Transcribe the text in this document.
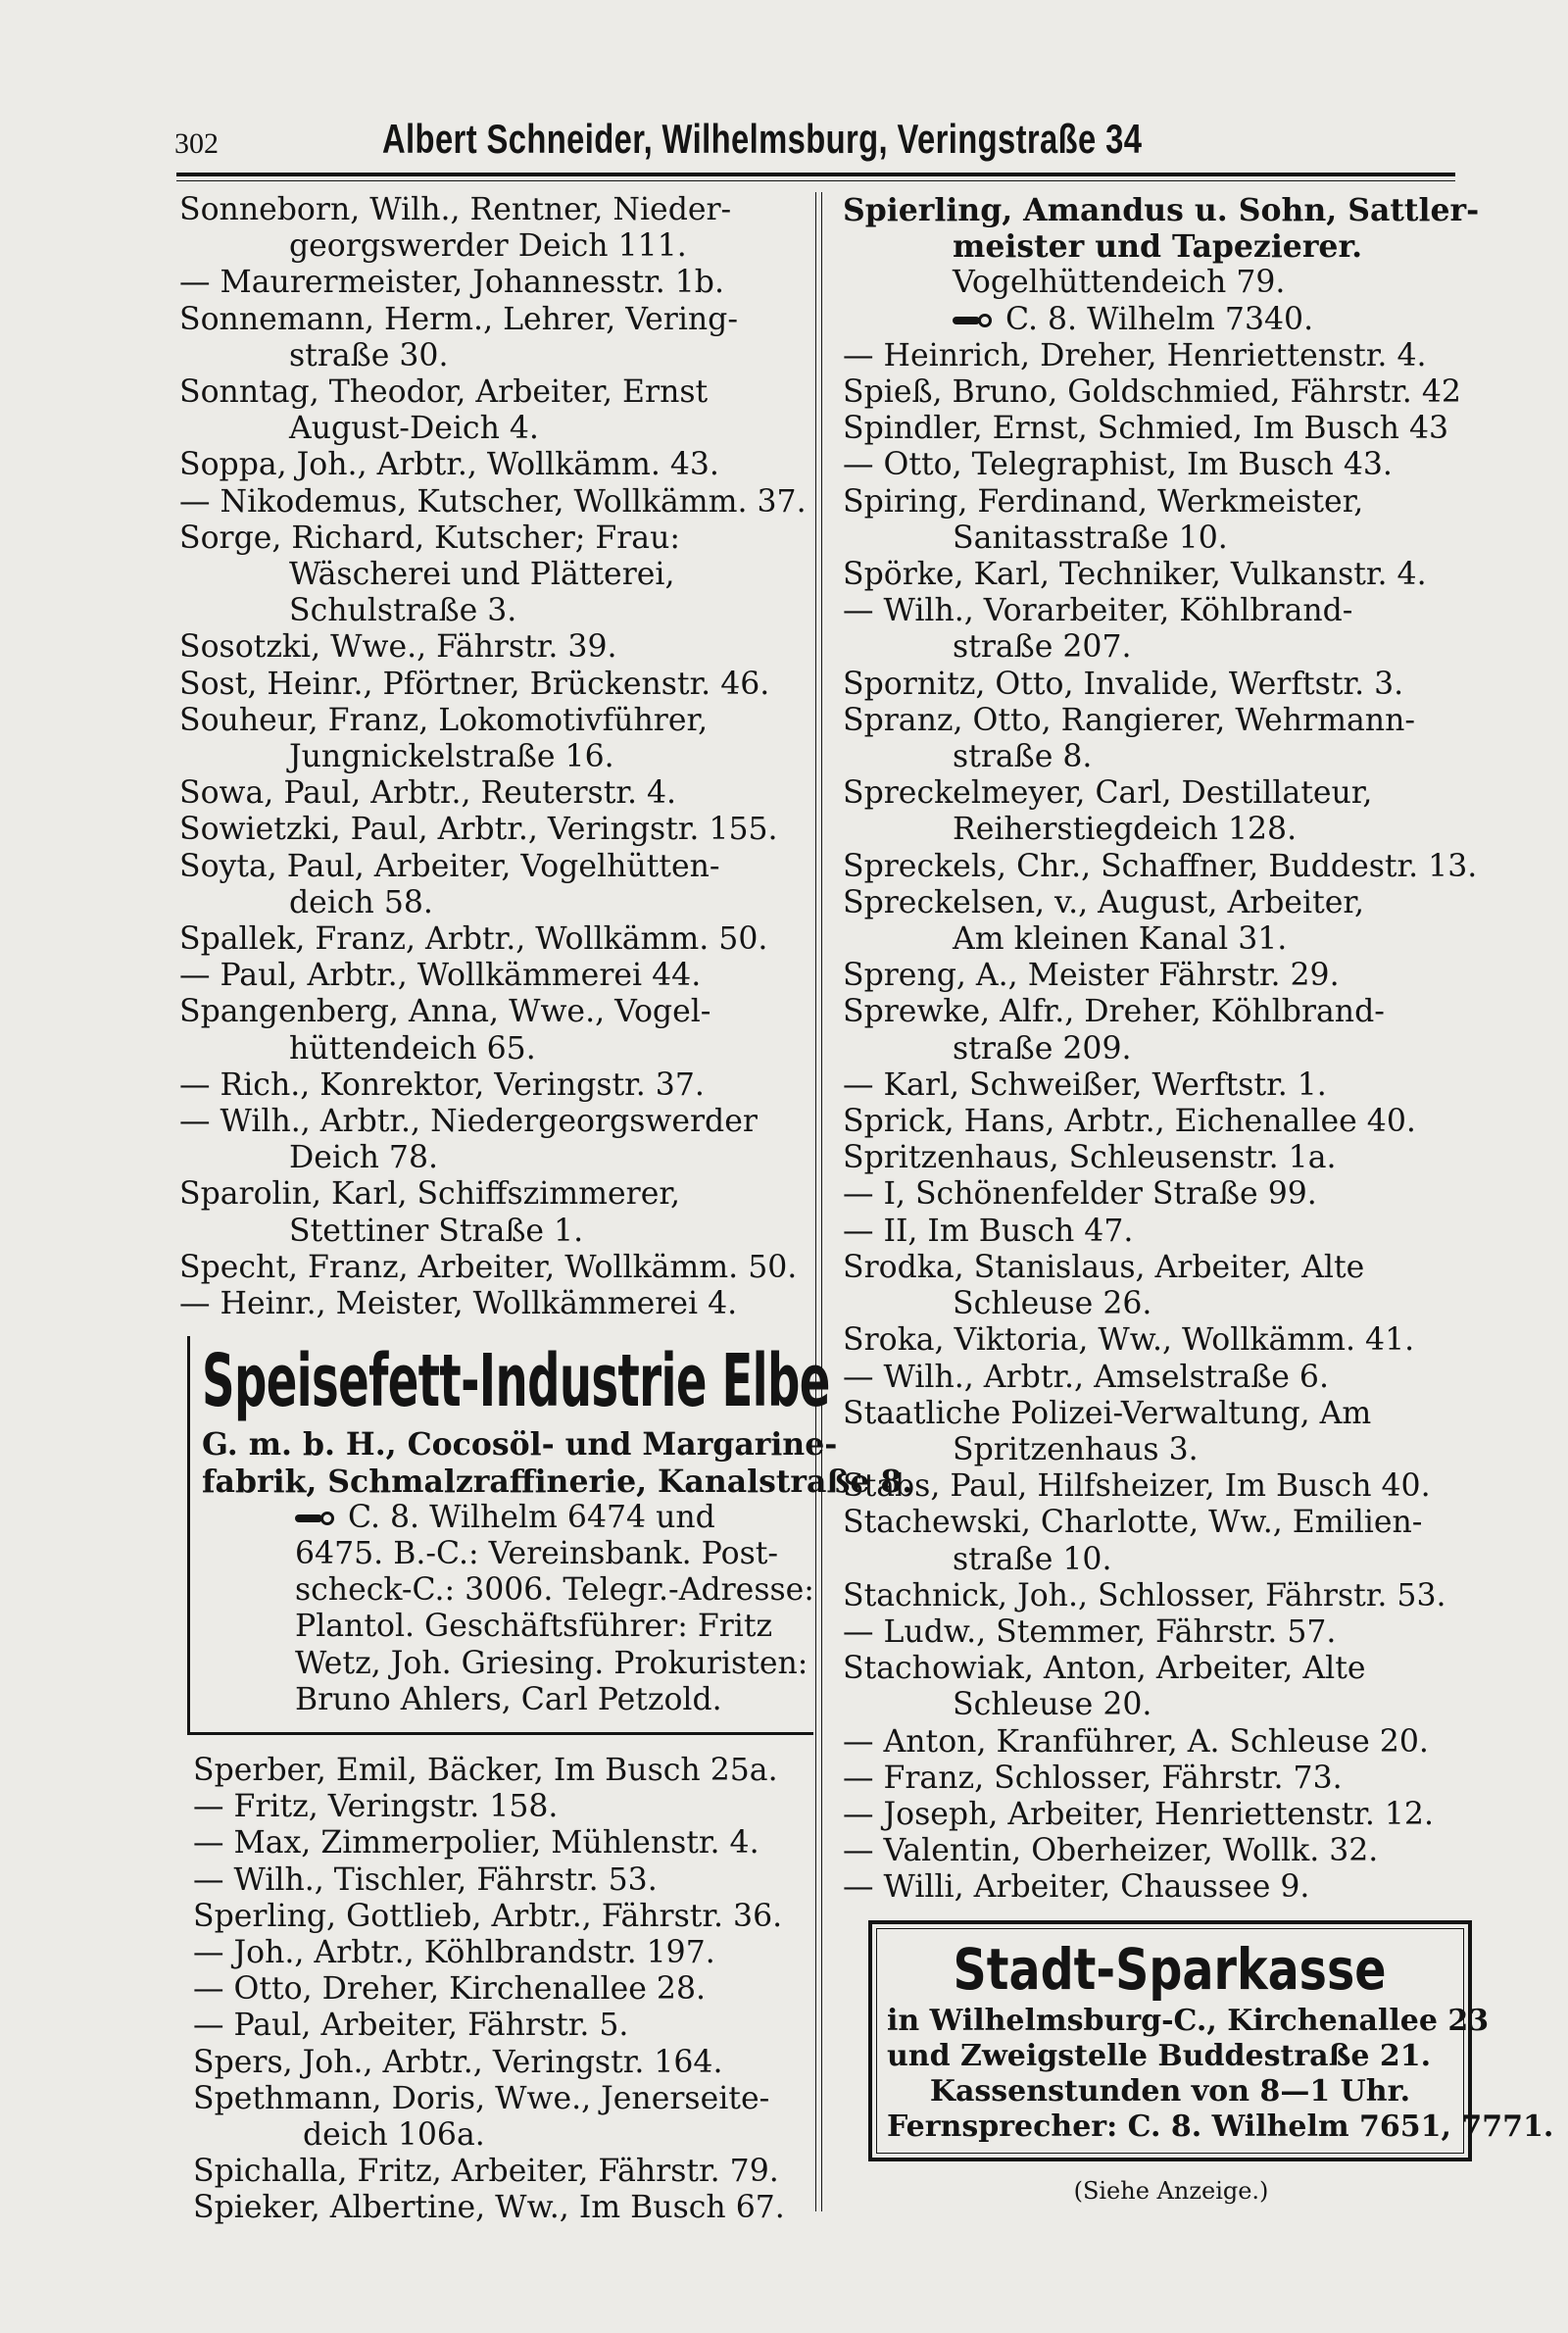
302	Albert Schneider, Wilhelmsburg, Veringstraße 34
Sonneborn, Wilh., Rentner, Nieder-
georgswerder Deich 111.
— Maurermeister, Johannesstr. 1b.
Sonnemann, Herm., Lehrer, Vering-
straße 30.
Sonntag, Theodor, Arbeiter, Ernst
August-Deich 4.
Soppa, Joh., Arbtr., Wollkämm. 43.
— Nikodemus, Kutscher, Wollkämm. 37.
Sorge, Richard, Kutscher; Frau:
Wäscherei und Plätterei,
Schulstraße 3.
Sosotzki, Wwe., Fährstr. 39.
Sost, Heinr., Pförtner, Brückenstr. 46.
Souheur, Franz, Lokomotivführer,
Jungnickelstraße 16.
Sowa, Paul, Arbtr., Reuterstr. 4.
Sowietzki, Paul, Arbtr., Veringstr. 155.
Soyta, Paul, Arbeiter, Vogelhütten-
deich 58.
Spallek, Franz, Arbtr., Wollkämm. 50.
— Paul, Arbtr., Wollkämmerei 44.
Spangenberg, Anna, Wwe., Vogel-
hüttendeich 65.
— Rich., Konrektor, Veringstr. 37.
— Wilh., Arbtr., Niedergeorgswerder
Deich 78.
Sparolin, Karl, Schiffszimmerer,
Stettiner Straße 1.
Specht, Franz, Arbeiter, Wollkämm. 50.
— Heinr., Meister, Wollkämmerei 4.
Speisefett-Industrie Elbe
G. m. b. H., Cocosöl- und Margarine-
fabrik, Schmalzraffinerie, Kanalstraße 8.
C. 8. Wilhelm 6474 und
6475. B.-C.: Vereinsbank. Post-
scheck-C.: 3006. Telegr.-Adresse:
Plantol. Geschäftsführer: Fritz
Wetz, Joh. Griesing. Prokuristen:
Bruno Ahlers, Carl Petzold.
Sperber, Emil, Bäcker, Im Busch 25a.
— Fritz, Veringstr. 158.
— Max, Zimmerpolier, Mühlenstr. 4.
— Wilh., Tischler, Fährstr. 53.
Sperling, Gottlieb, Arbtr., Fährstr. 36.
— Joh., Arbtr., Köhlbrandstr. 197.
— Otto, Dreher, Kirchenallee 28.
— Paul, Arbeiter, Fährstr. 5.
Spers, Joh., Arbtr., Veringstr. 164.
Spethmann, Doris, Wwe., Jenerseite-
deich 106a.
Spichalla, Fritz, Arbeiter, Fährstr. 79.
Spieker, Albertine, Ww., Im Busch 67.
Spierling, Amandus u. Sohn, Sattler-
meister und Tapezierer.
Vogelhüttendeich 79.
C. 8. Wilhelm 7340.
— Heinrich, Dreher, Henriettenstr. 4.
Spieß, Bruno, Goldschmied, Fährstr. 42
Spindler, Ernst, Schmied, Im Busch 43
— Otto, Telegraphist, Im Busch 43.
Spiring, Ferdinand, Werkmeister,
Sanitasstraße 10.
Spörke, Karl, Techniker, Vulkanstr. 4.
— Wilh., Vorarbeiter, Köhlbrand-
straße 207.
Spornitz, Otto, Invalide, Werftstr. 3.
Spranz, Otto, Rangierer, Wehrmann-
straße 8.
Spreckelmeyer, Carl, Destillateur,
Reiherstiegdeich 128.
Spreckels, Chr., Schaffner, Buddestr. 13.
Spreckelsen, v., August, Arbeiter,
Am kleinen Kanal 31.
Spreng, A., Meister Fährstr. 29.
Sprewke, Alfr., Dreher, Köhlbrand-
straße 209.
— Karl, Schweißer, Werftstr. 1.
Sprick, Hans, Arbtr., Eichenallee 40.
Spritzenhaus, Schleusenstr. 1a.
— I, Schönenfelder Straße 99.
— II, Im Busch 47.
Srodka, Stanislaus, Arbeiter, Alte
Schleuse 26.
Sroka, Viktoria, Ww., Wollkämm. 41.
— Wilh., Arbtr., Amselstraße 6.
Staatliche Polizei-Verwaltung, Am
Spritzenhaus 3.
Stabs, Paul, Hilfsheizer, Im Busch 40.
Stachewski, Charlotte, Ww., Emilien-
straße 10.
Stachnick, Joh., Schlosser, Fährstr. 53.
— Ludw., Stemmer, Fährstr. 57.
Stachowiak, Anton, Arbeiter, Alte
Schleuse 20.
— Anton, Kranführer, A. Schleuse 20.
— Franz, Schlosser, Fährstr. 73.
— Joseph, Arbeiter, Henriettenstr. 12.
— Valentin, Oberheizer, Wollk. 32.
— Willi, Arbeiter, Chaussee 9.
Stadt-Sparkasse
in Wilhelmsburg-C., Kirchenallee 23
und Zweigstelle Buddestraße 21.
Kassenstunden von 8—1 Uhr.
Fernsprecher: C. 8. Wilhelm 7651, 7771.
(Siehe Anzeige.)
